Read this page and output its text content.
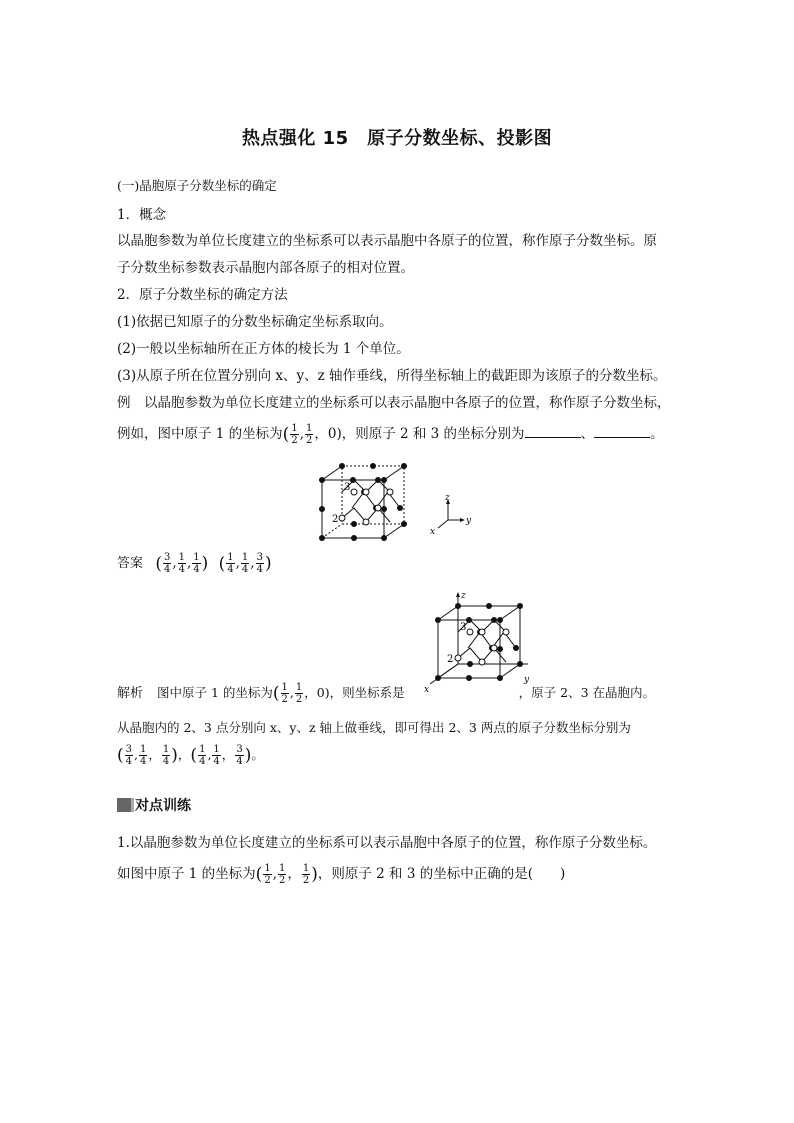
热点强化 15　原子分数坐标、投影图
(一)晶胞原子分数坐标的确定
1．概念
以晶胞参数为单位长度建立的坐标系可以表示晶胞中各原子的位置，称作原子分数坐标。原
子分数坐标参数表示晶胞内部各原子的相对位置。
2．原子分数坐标的确定方法
(1)依据已知原子的分数坐标确定坐标系取向。
(2)一般以坐标轴所在正方体的棱长为 1 个单位。
(3)从原子所在位置分别向 x、y、z 轴作垂线，所得坐标轴上的截距即为该原子的分数坐标。
例　以晶胞参数为单位长度建立的坐标系可以表示晶胞中各原子的位置，称作原子分数坐标，
例如，图中原子 1 的坐标为( $\frac{1}{2}$ , $\frac{1}{2}$ ，0)，则原子 2 和 3 的坐标分别为	、	。
3
2
z
y
x
答案 ( $\frac{3}{4}$ , $\frac{1}{4}$ , $\frac{1}{4}$ ) ( $\frac{1}{4}$ , $\frac{1}{4}$ , $\frac{3}{4}$ )
z
y
x
3
2
解析 图中原子 1 的坐标为( $\frac{1}{2}$ , $\frac{1}{2}$ ，0)，则坐标系是	，原子 2、3 在晶胞内。
从晶胞内的 2、3 点分别向 x、y、z 轴上做垂线，即可得出 2、3 两点的原子分数坐标分别为
( $\frac{3}{4}$ , $\frac{1}{4}$ ， $\frac{1}{4}$ )，( $\frac{1}{4}$ , $\frac{1}{4}$ ， $\frac{3}{4}$ )。
对点训练
1.以晶胞参数为单位长度建立的坐标系可以表示晶胞中各原子的位置，称作原子分数坐标。
如图中原子 1 的坐标为( $\frac{1}{2}$ , $\frac{1}{2}$ ， $\frac{1}{2}$ )，则原子 2 和 3 的坐标中正确的是(　　)
